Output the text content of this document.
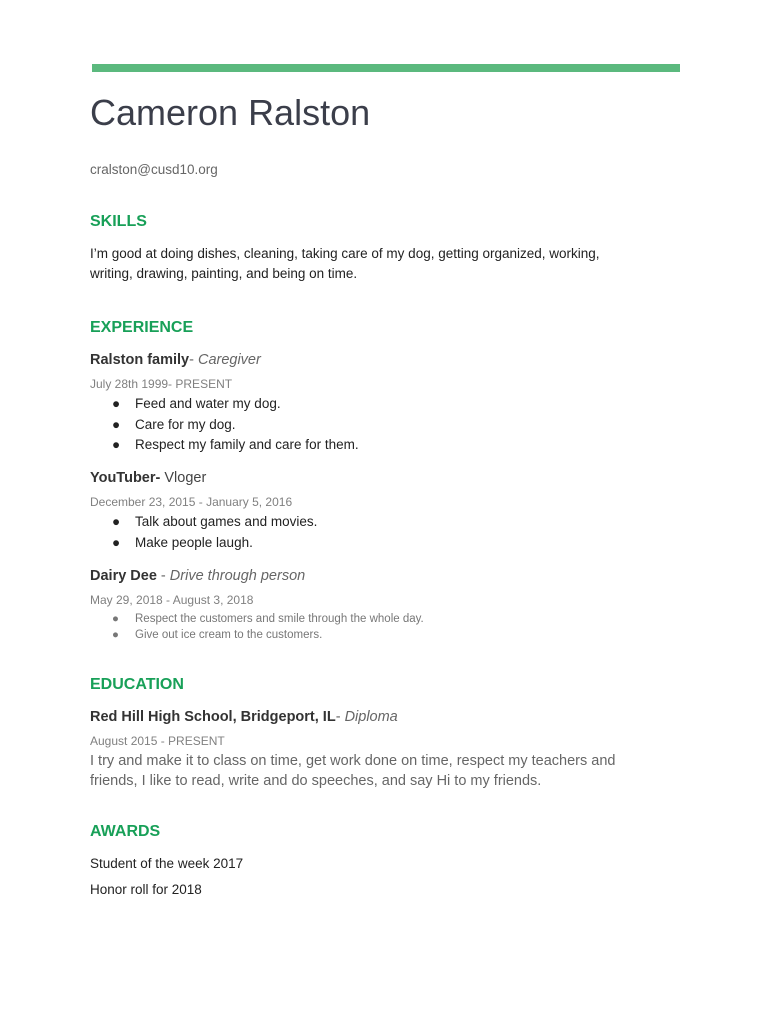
Cameron Ralston
cralston@cusd10.org
SKILLS
I’m good at doing dishes, cleaning, taking care of my dog, getting organized, working, writing, drawing, painting, and being on time.
EXPERIENCE
Ralston family- Caregiver
July 28th 1999- PRESENT
● Feed and water my dog.
● Care for my dog.
● Respect my family and care for them.
YouTuber- Vloger
December 23, 2015 - January 5, 2016
● Talk about games and movies.
● Make people laugh.
Dairy Dee - Drive through person
May 29, 2018 - August 3, 2018
● Respect the customers and smile through the whole day.
● Give out ice cream to the customers.
EDUCATION
Red Hill High School, Bridgeport, IL- Diploma
August 2015 - PRESENT
I try and make it to class on time, get work done on time, respect my teachers and friends, I like to read, write and do speeches, and say Hi to my friends.
AWARDS
Student of the week 2017
Honor roll for 2018
